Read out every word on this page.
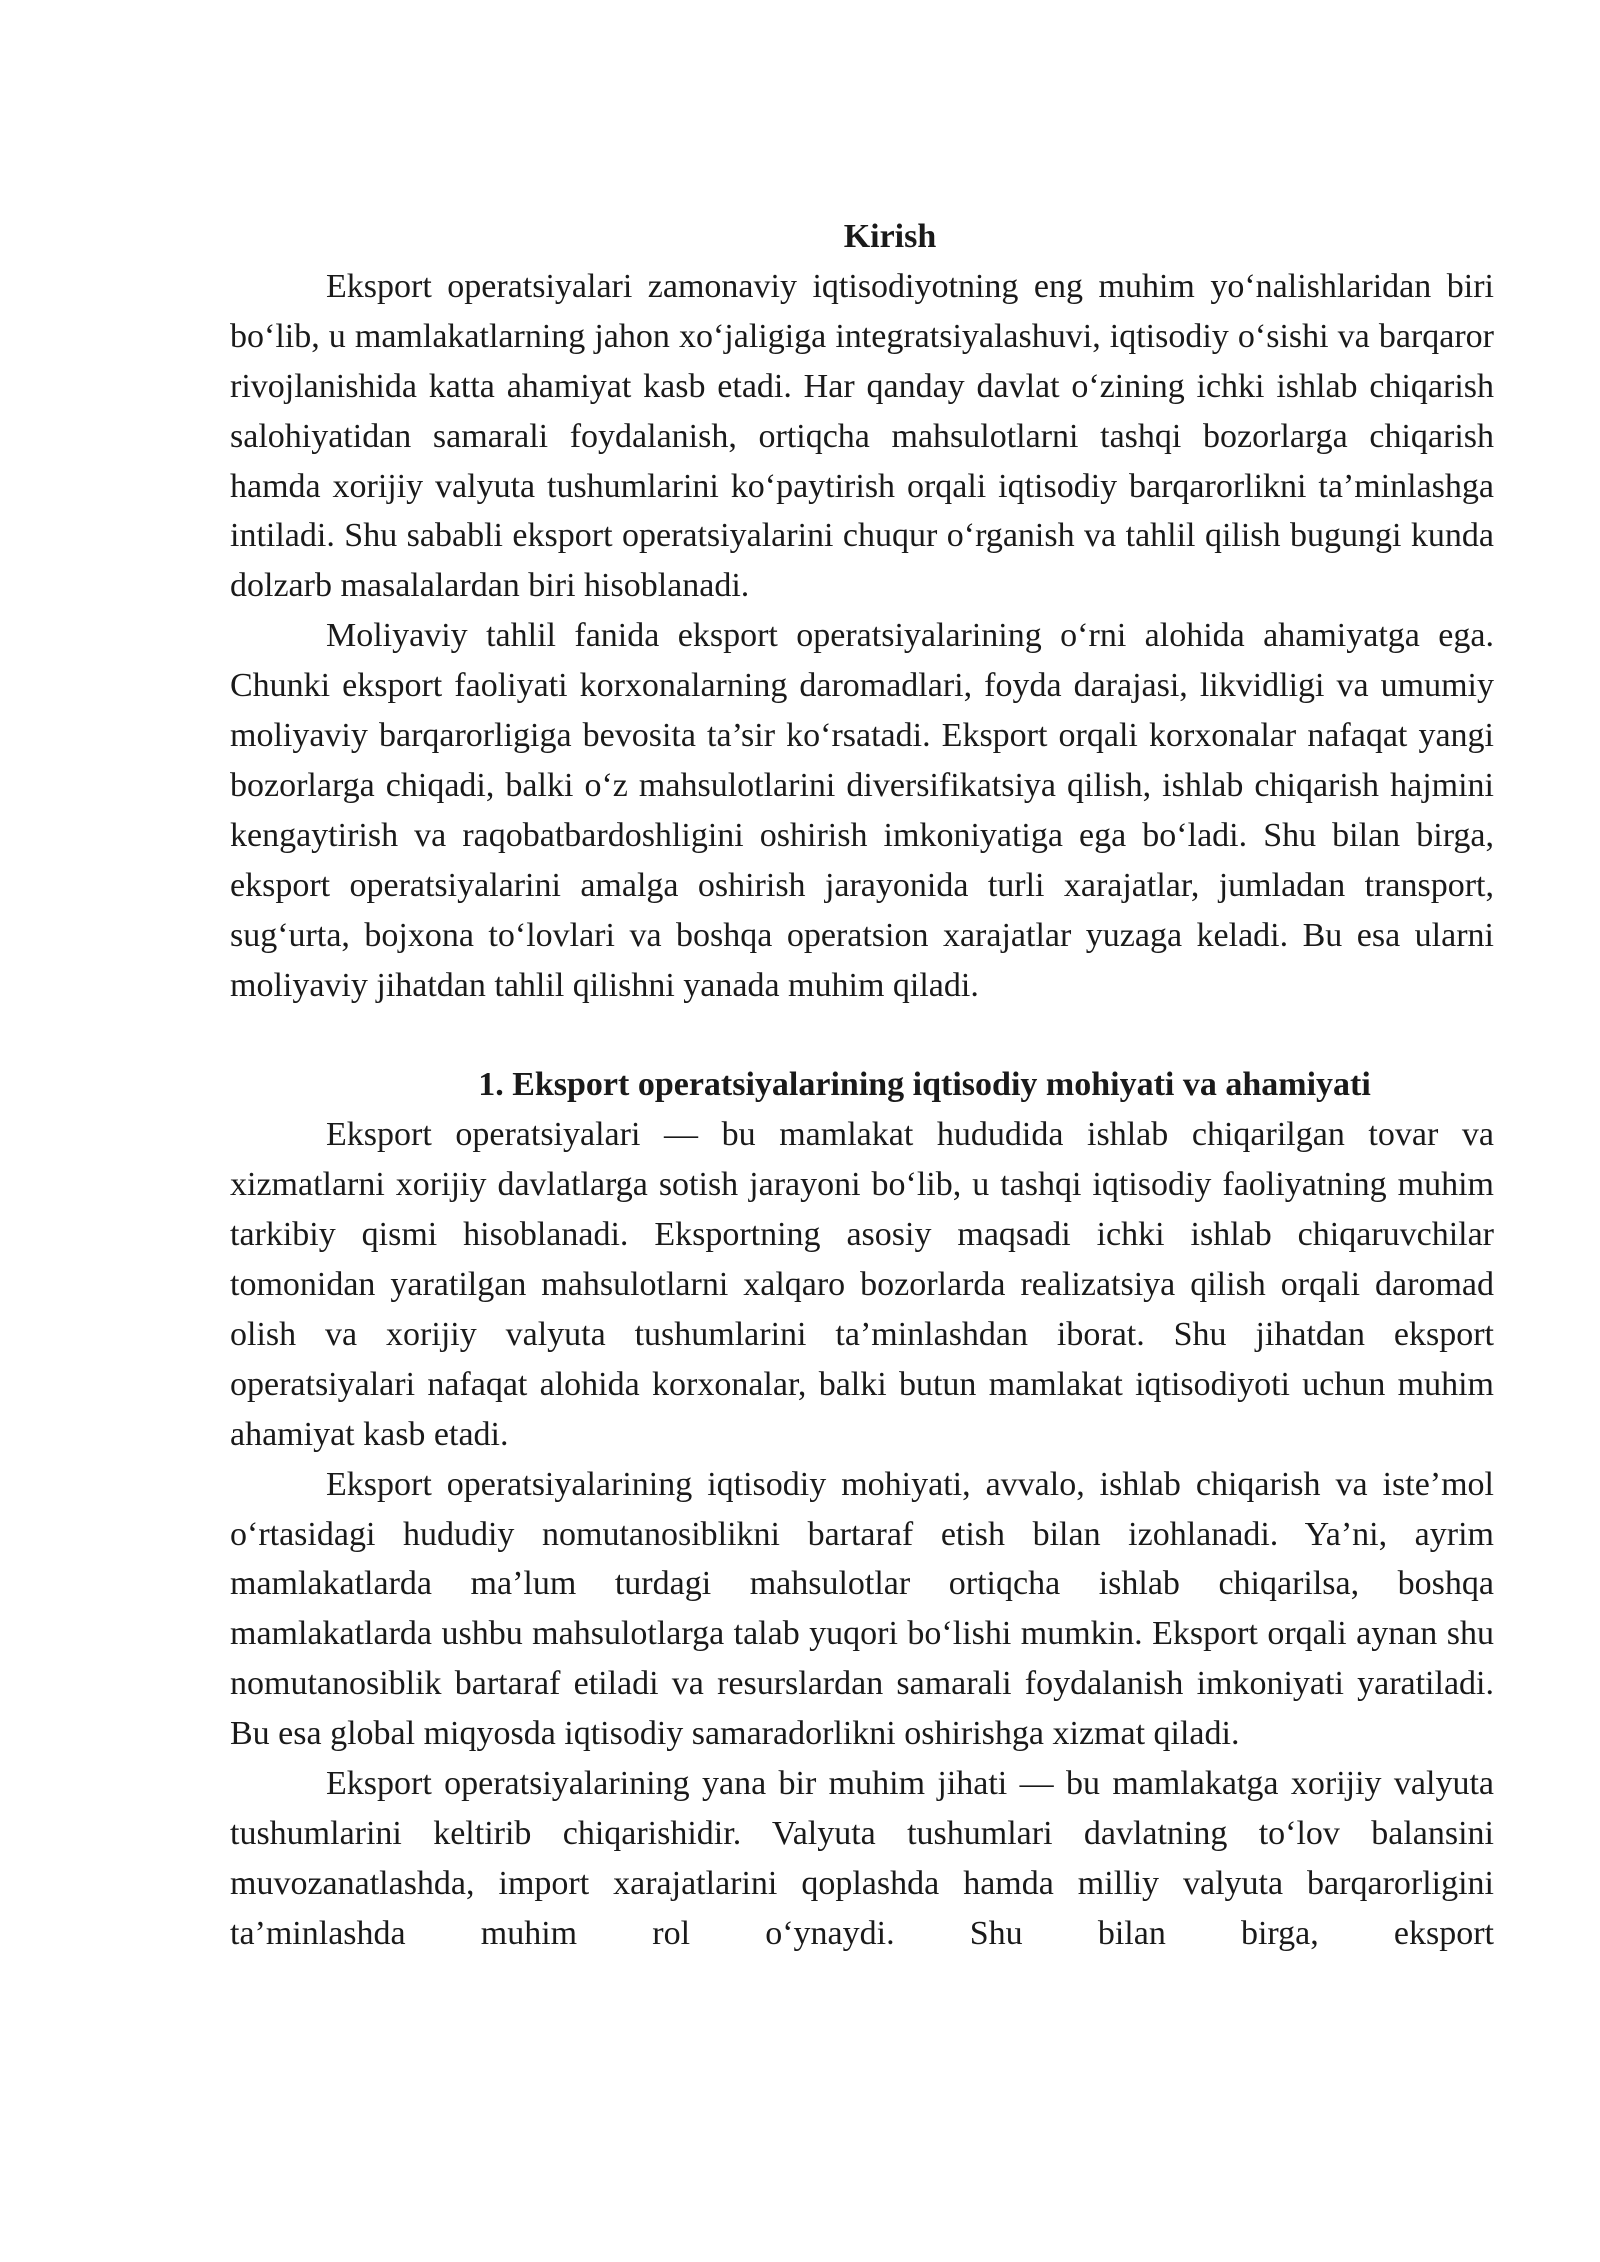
Kirish

Eksport operatsiyalari zamonaviy iqtisodiyotning eng muhim yo‘nalishlaridan biri bo‘lib, u mamlakatlarning jahon xo‘jaligiga integratsiyalashuvi, iqtisodiy o‘sishi va barqaror rivojlanishida katta ahamiyat kasb etadi. Har qanday davlat o‘zining ichki ishlab chiqarish salohiyatidan samarali foydalanish, ortiqcha mahsulotlarni tashqi bozorlarga chiqarish hamda xorijiy valyuta tushumlarini ko‘paytirish orqali iqtisodiy barqarorlikni ta’minlashga intiladi. Shu sababli eksport operatsiyalarini chuqur o‘rganish va tahlil qilish bugungi kunda dolzarb masalalardan biri hisoblanadi.

Moliyaviy tahlil fanida eksport operatsiyalarining o‘rni alohida ahamiyatga ega. Chunki eksport faoliyati korxonalarning daromadlari, foyda darajasi, likvidligi va umumiy moliyaviy barqarorligiga bevosita ta’sir ko‘rsatadi. Eksport orqali korxonalar nafaqat yangi bozorlarga chiqadi, balki o‘z mahsulotlarini diversifikatsiya qilish, ishlab chiqarish hajmini kengaytirish va raqobatbardoshligini oshirish imkoniyatiga ega bo‘ladi. Shu bilan birga, eksport operatsiyalarini amalga oshirish jarayonida turli xarajatlar, jumladan transport, sug‘urta, bojxona to‘lovlari va boshqa operatsion xarajatlar yuzaga keladi. Bu esa ularni moliyaviy jihatdan tahlil qilishni yanada muhim qiladi.

1. Eksport operatsiyalarining iqtisodiy mohiyati va ahamiyati

Eksport operatsiyalari — bu mamlakat hududida ishlab chiqarilgan tovar va xizmatlarni xorijiy davlatlarga sotish jarayoni bo‘lib, u tashqi iqtisodiy faoliyatning muhim tarkibiy qismi hisoblanadi. Eksportning asosiy maqsadi ichki ishlab chiqaruvchilar tomonidan yaratilgan mahsulotlarni xalqaro bozorlarda realizatsiya qilish orqali daromad olish va xorijiy valyuta tushumlarini ta’minlashdan iborat. Shu jihatdan eksport operatsiyalari nafaqat alohida korxonalar, balki butun mamlakat iqtisodiyoti uchun muhim ahamiyat kasb etadi.

Eksport operatsiyalarining iqtisodiy mohiyati, avvalo, ishlab chiqarish va iste’mol o‘rtasidagi hududiy nomutanosiblikni bartaraf etish bilan izohlanadi. Ya’ni, ayrim mamlakatlarda ma’lum turdagi mahsulotlar ortiqcha ishlab chiqarilsa, boshqa mamlakatlarda ushbu mahsulotlarga talab yuqori bo‘lishi mumkin. Eksport orqali aynan shu nomutanosiblik bartaraf etiladi va resurslardan samarali foydalanish imkoniyati yaratiladi. Bu esa global miqyosda iqtisodiy samaradorlikni oshirishga xizmat qiladi.

Eksport operatsiyalarining yana bir muhim jihati — bu mamlakatga xorijiy valyuta tushumlarini keltirib chiqarishidir. Valyuta tushumlari davlatning to‘lov balansini muvozanatlashda, import xarajatlarini qoplashda hamda milliy valyuta barqarorligini ta’minlashda muhim rol o‘ynaydi. Shu bilan birga, eksport
